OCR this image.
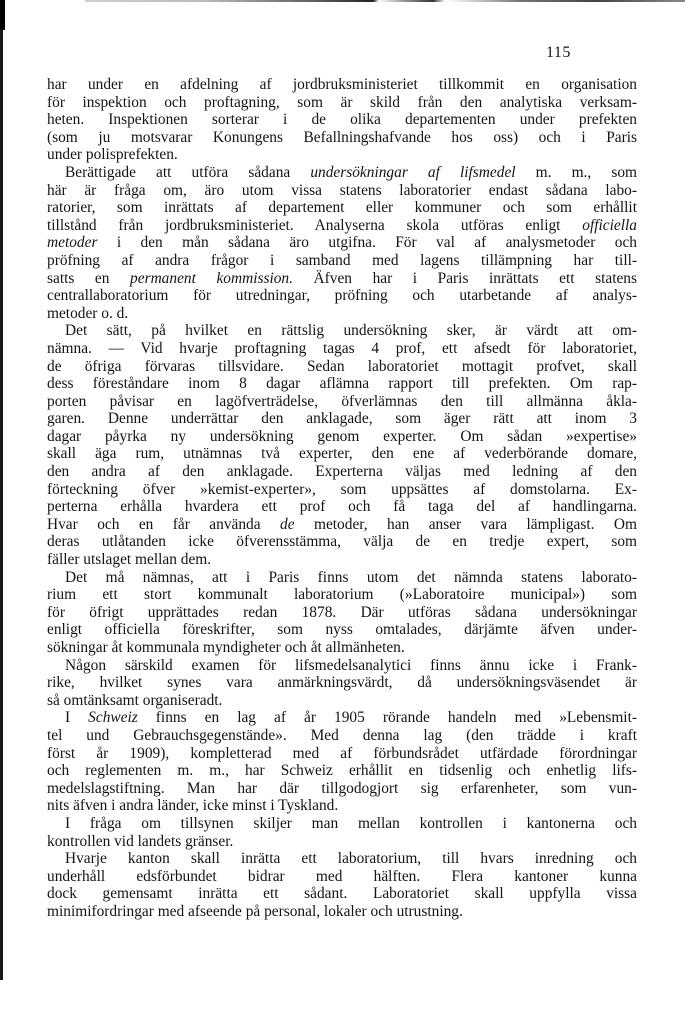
115
har under en afdelning af jordbruksministeriet tillkommit en organisation
för inspektion och proftagning, som är skild från den analytiska verksam-
heten. Inspektionen sorterar i de olika departementen under prefekten
(som ju motsvarar Konungens Befallningshafvande hos oss) och i Paris
under polisprefekten.
Berättigade att utföra sådana undersökningar af lifsmedel m. m., som
här är fråga om, äro utom vissa statens laboratorier endast sådana labo-
ratorier, som inrättats af departement eller kommuner och som erhållit
tillstånd från jordbruksministeriet. Analyserna skola utföras enligt officiella
metoder i den mån sådana äro utgifna. För val af analysmetoder och
pröfning af andra frågor i samband med lagens tillämpning har till-
satts en permanent kommission. Äfven har i Paris inrättats ett statens
centrallaboratorium för utredningar, pröfning och utarbetande af analys-
metoder o. d.
Det sätt, på hvilket en rättslig undersökning sker, är värdt att om-
nämna. — Vid hvarje proftagning tagas 4 prof, ett afsedt för laboratoriet,
de öfriga förvaras tillsvidare. Sedan laboratoriet mottagit profvet, skall
dess föreståndare inom 8 dagar aflämna rapport till prefekten. Om rap-
porten påvisar en lagöfverträdelse, öfverlämnas den till allmänna åkla-
garen. Denne underrättar den anklagade, som äger rätt att inom 3
dagar påyrka ny undersökning genom experter. Om sådan »expertise»
skall äga rum, utnämnas två experter, den ene af vederbörande domare,
den andra af den anklagade. Experterna väljas med ledning af den
förteckning öfver »kemist-experter», som uppsättes af domstolarna. Ex-
perterna erhålla hvardera ett prof och få taga del af handlingarna.
Hvar och en får använda de metoder, han anser vara lämpligast. Om
deras utlåtanden icke öfverensstämma, välja de en tredje expert, som
fäller utslaget mellan dem.
Det må nämnas, att i Paris finns utom det nämnda statens laborato-
rium ett stort kommunalt laboratorium (»Laboratoire municipal») som
för öfrigt upprättades redan 1878. Där utföras sådana undersökningar
enligt officiella föreskrifter, som nyss omtalades, därjämte äfven under-
sökningar åt kommunala myndigheter och åt allmänheten.
Någon särskild examen för lifsmedelsanalytici finns ännu icke i Frank-
rike, hvilket synes vara anmärkningsvärdt, då undersökningsväsendet är
så omtänksamt organiseradt.
I Schweiz finns en lag af år 1905 rörande handeln med »Lebensmit-
tel und Gebrauchsgegenstände». Med denna lag (den trädde i kraft
först år 1909), kompletterad med af förbundsrådet utfärdade förordningar
och reglementen m. m., har Schweiz erhållit en tidsenlig och enhetlig lifs-
medelslagstiftning. Man har där tillgodogjort sig erfarenheter, som vun-
nits äfven i andra länder, icke minst i Tyskland.
I fråga om tillsynen skiljer man mellan kontrollen i kantonerna och
kontrollen vid landets gränser.
Hvarje kanton skall inrätta ett laboratorium, till hvars inredning och
underhåll edsförbundet bidrar med hälften. Flera kantoner kunna
dock gemensamt inrätta ett sådant. Laboratoriet skall uppfylla vissa
minimifordringar med afseende på personal, lokaler och utrustning.
